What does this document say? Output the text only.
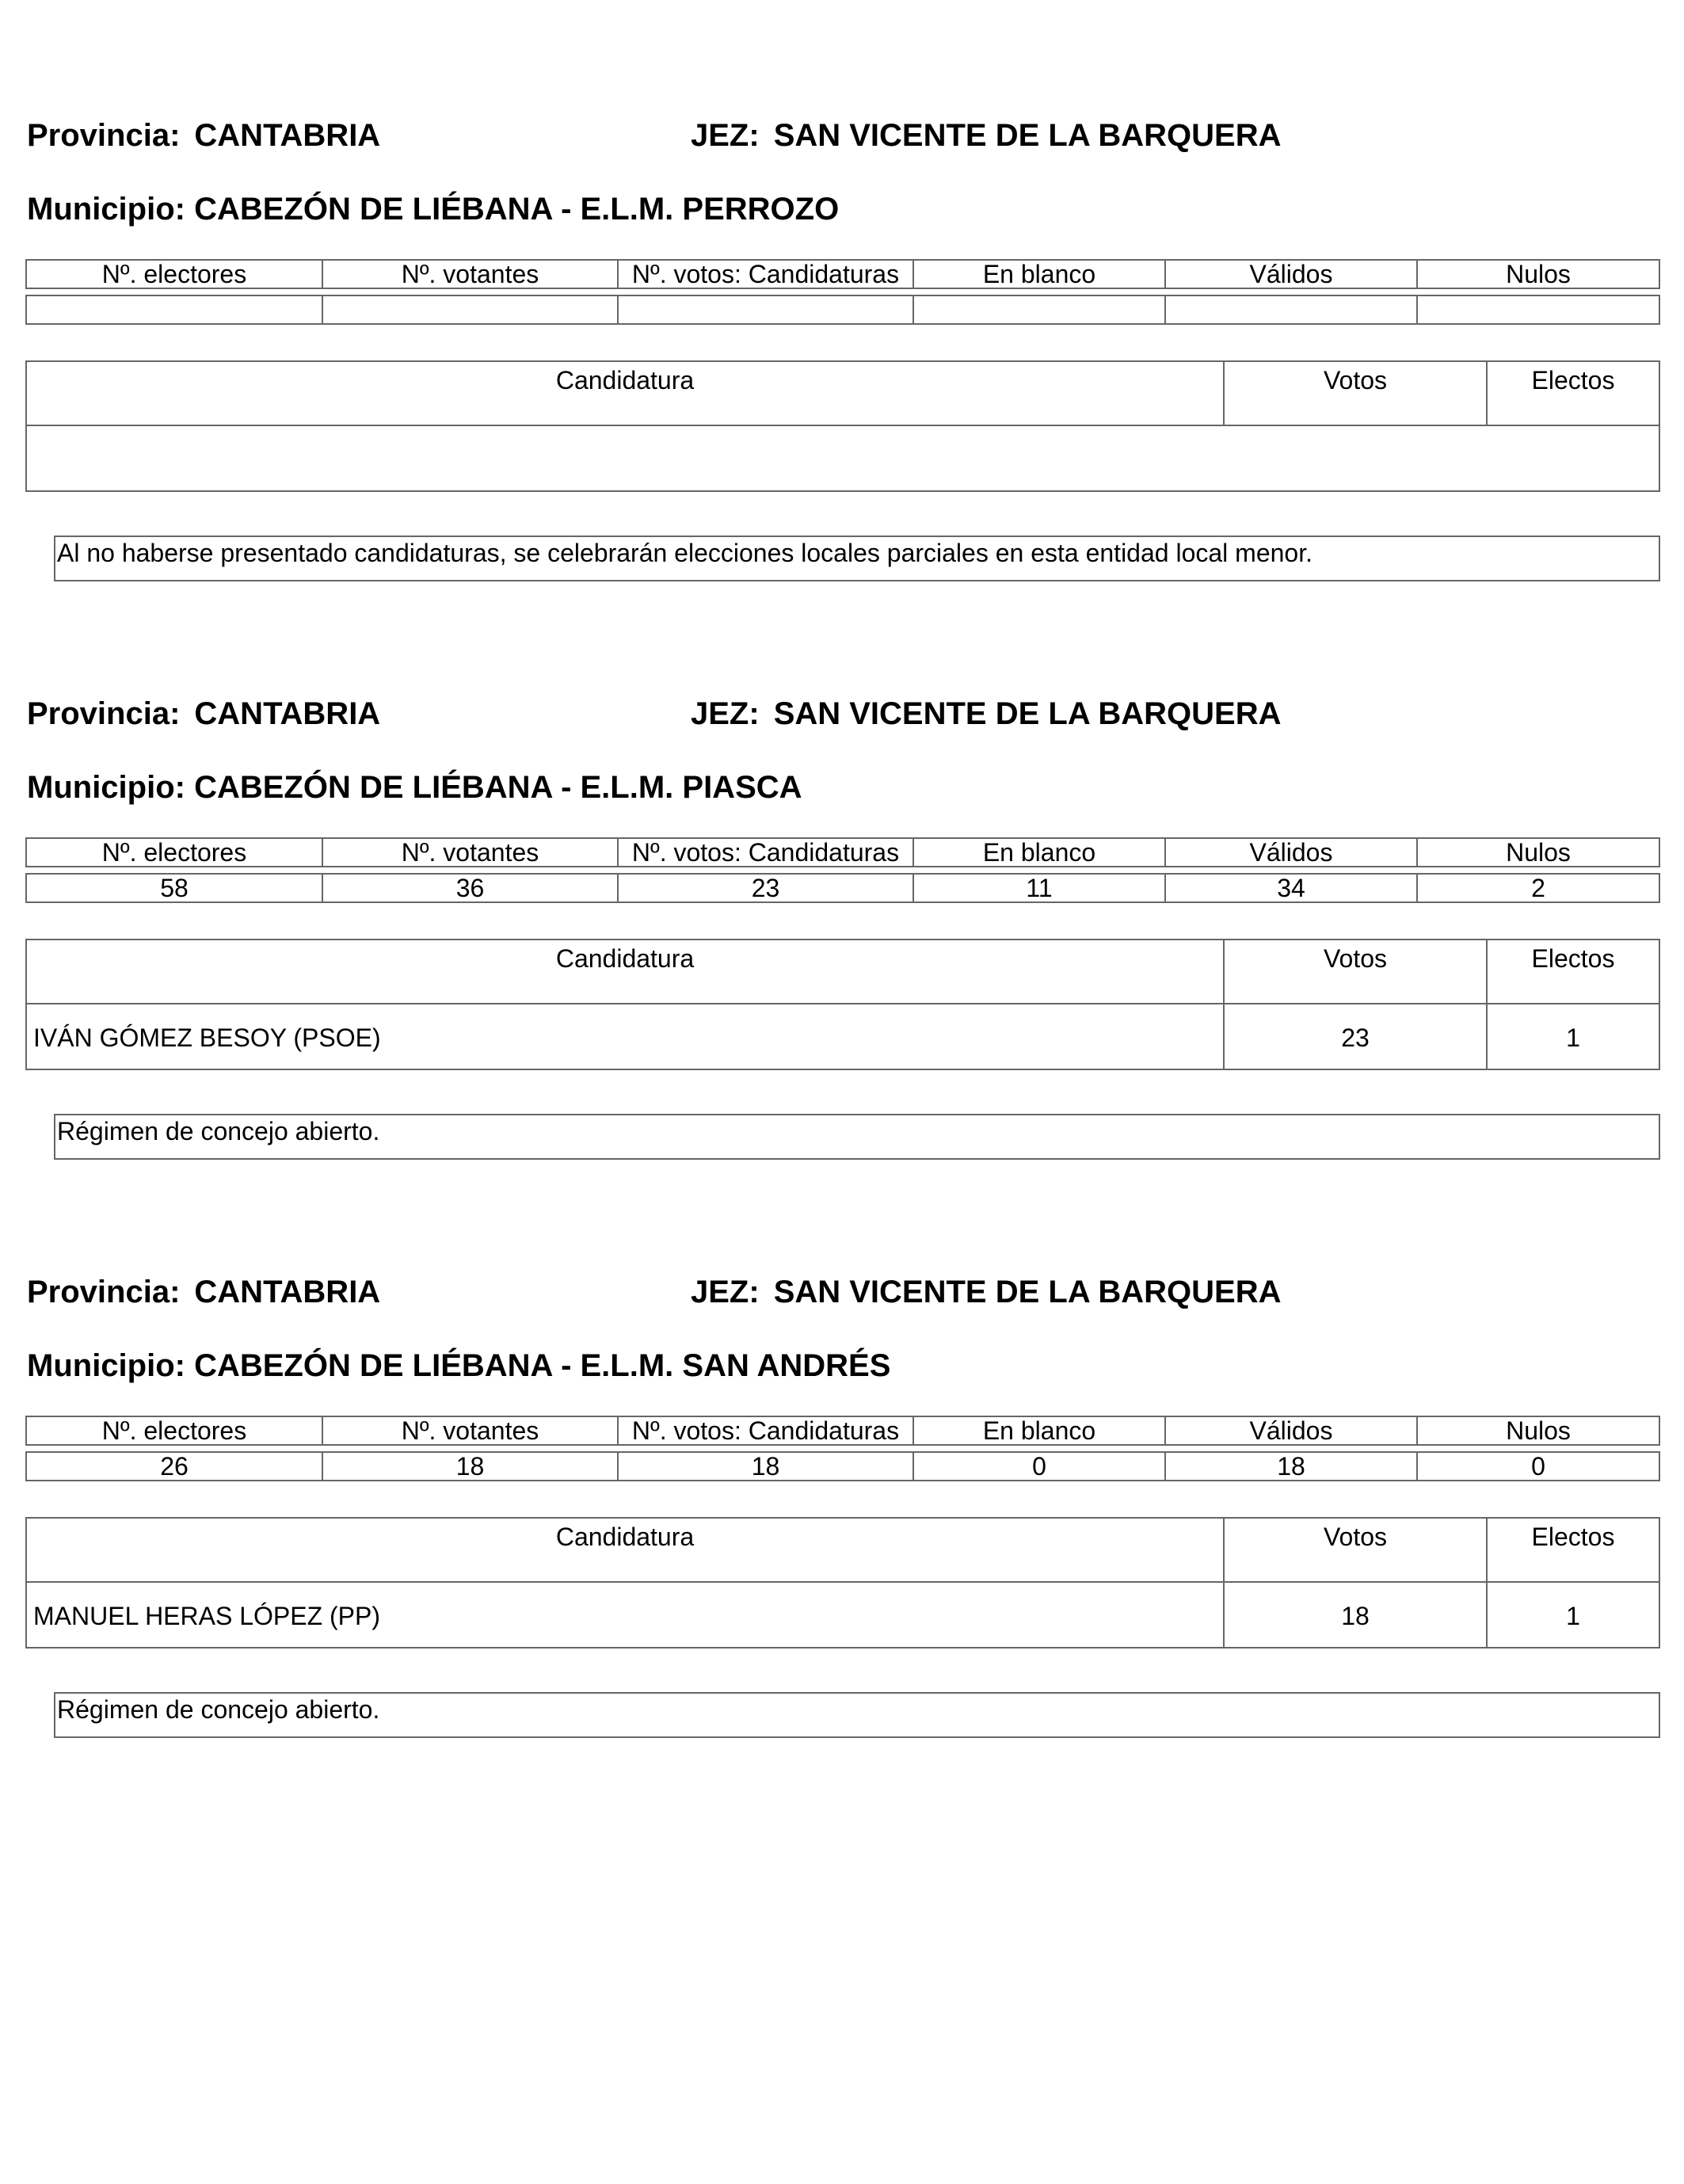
Provincia: CANTABRIA	JEZ: SAN VICENTE DE LA BARQUERA
Municipio: CABEZÓN DE LIÉBANA - E.L.M. PERROZO
Nº. electores	Nº. votantes	Nº. votos: Candidaturas	En blanco	Válidos	Nulos
Candidatura	Votos	Electos
Al no haberse presentado candidaturas, se celebrarán elecciones locales parciales en esta entidad local menor.
Provincia: CANTABRIA	JEZ: SAN VICENTE DE LA BARQUERA
Municipio: CABEZÓN DE LIÉBANA - E.L.M. PIASCA
Nº. electores	Nº. votantes	Nº. votos: Candidaturas	En blanco	Válidos	Nulos
58	36	23	11	34	2
Candidatura	Votos	Electos
IVÁN GÓMEZ BESOY (PSOE)	23	1
Régimen de concejo abierto.
Provincia: CANTABRIA	JEZ: SAN VICENTE DE LA BARQUERA
Municipio: CABEZÓN DE LIÉBANA - E.L.M. SAN ANDRÉS
Nº. electores	Nº. votantes	Nº. votos: Candidaturas	En blanco	Válidos	Nulos
26	18	18	0	18	0
Candidatura	Votos	Electos
MANUEL HERAS LÓPEZ (PP)	18	1
Régimen de concejo abierto.
